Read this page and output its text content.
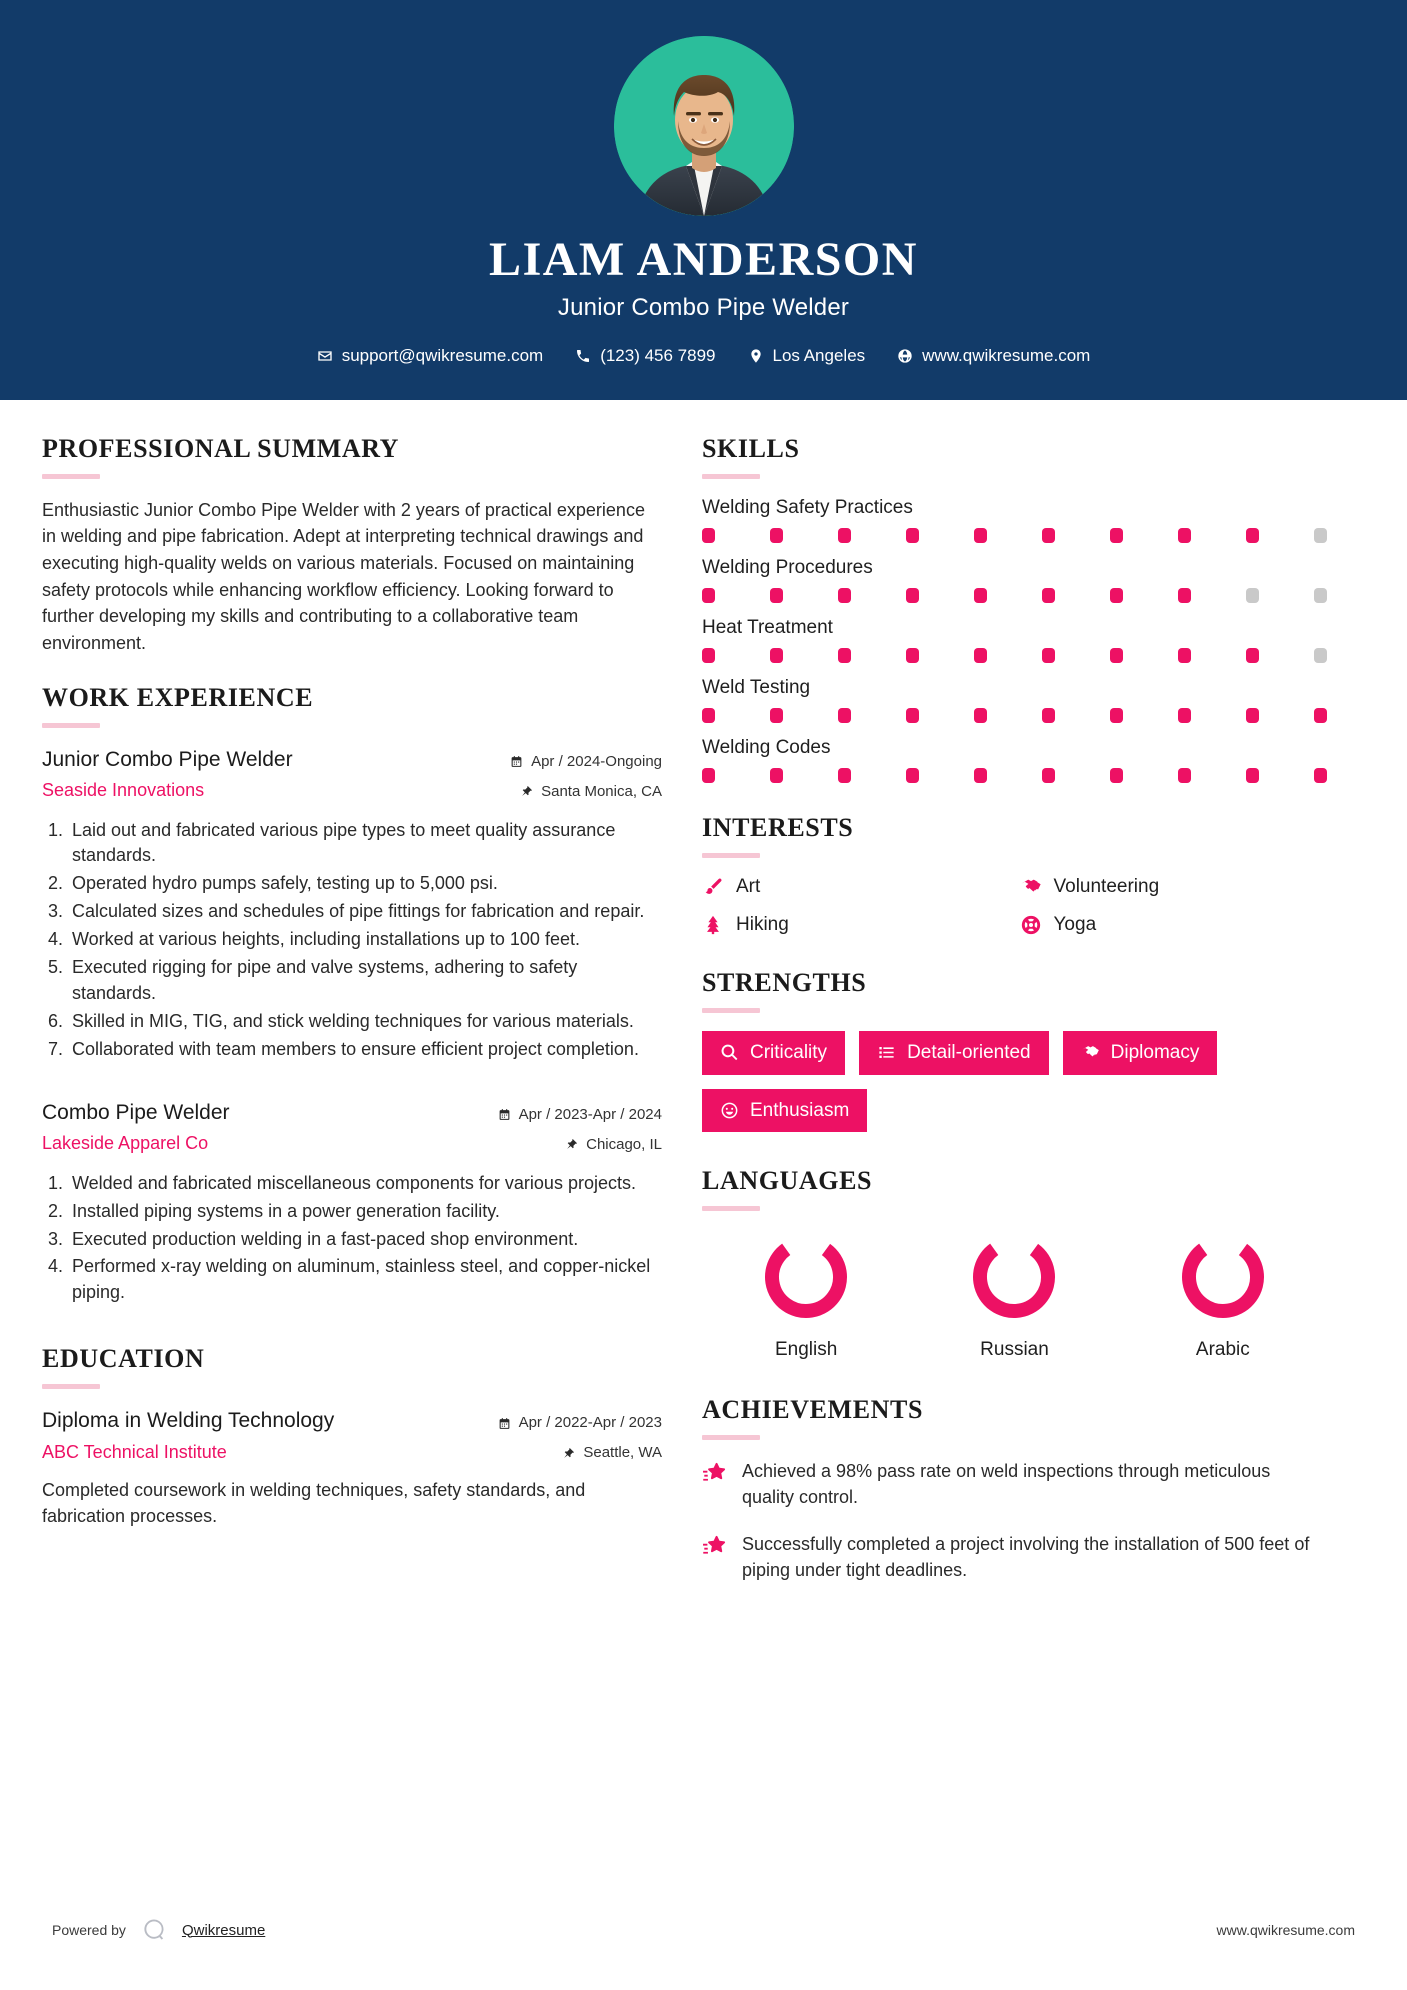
LIAM ANDERSON
Junior Combo Pipe Welder
support@qwikresume.com	(123) 456 7899	Los Angeles	www.qwikresume.com
PROFESSIONAL SUMMARY
Enthusiastic Junior Combo Pipe Welder with 2 years of practical experience in welding and pipe fabrication. Adept at interpreting technical drawings and executing high-quality welds on various materials. Focused on maintaining safety protocols while enhancing workflow efficiency. Looking forward to further developing my skills and contributing to a collaborative team environment.
WORK EXPERIENCE
Junior Combo Pipe Welder
Seaside Innovations
Apr / 2024-Ongoing
Santa Monica, CA
1. Laid out and fabricated various pipe types to meet quality assurance standards.
2. Operated hydro pumps safely, testing up to 5,000 psi.
3. Calculated sizes and schedules of pipe fittings for fabrication and repair.
4. Worked at various heights, including installations up to 100 feet.
5. Executed rigging for pipe and valve systems, adhering to safety standards.
6. Skilled in MIG, TIG, and stick welding techniques for various materials.
7. Collaborated with team members to ensure efficient project completion.
Combo Pipe Welder
Lakeside Apparel Co
Apr / 2023-Apr / 2024
Chicago, IL
1. Welded and fabricated miscellaneous components for various projects.
2. Installed piping systems in a power generation facility.
3. Executed production welding in a fast-paced shop environment.
4. Performed x-ray welding on aluminum, stainless steel, and copper-nickel piping.
EDUCATION
Diploma in Welding Technology
ABC Technical Institute
Apr / 2022-Apr / 2023
Seattle, WA
Completed coursework in welding techniques, safety standards, and fabrication processes.
SKILLS
Welding Safety Practices
Welding Procedures
Heat Treatment
Weld Testing
Welding Codes
INTERESTS
Art	Volunteering
Hiking	Yoga
STRENGTHS
Criticality	Detail-oriented	Diplomacy
Enthusiasm
LANGUAGES
English	Russian	Arabic
ACHIEVEMENTS
Achieved a 98% pass rate on weld inspections through meticulous quality control.
Successfully completed a project involving the installation of 500 feet of piping under tight deadlines.
Powered by	Qwikresume	www.qwikresume.com
